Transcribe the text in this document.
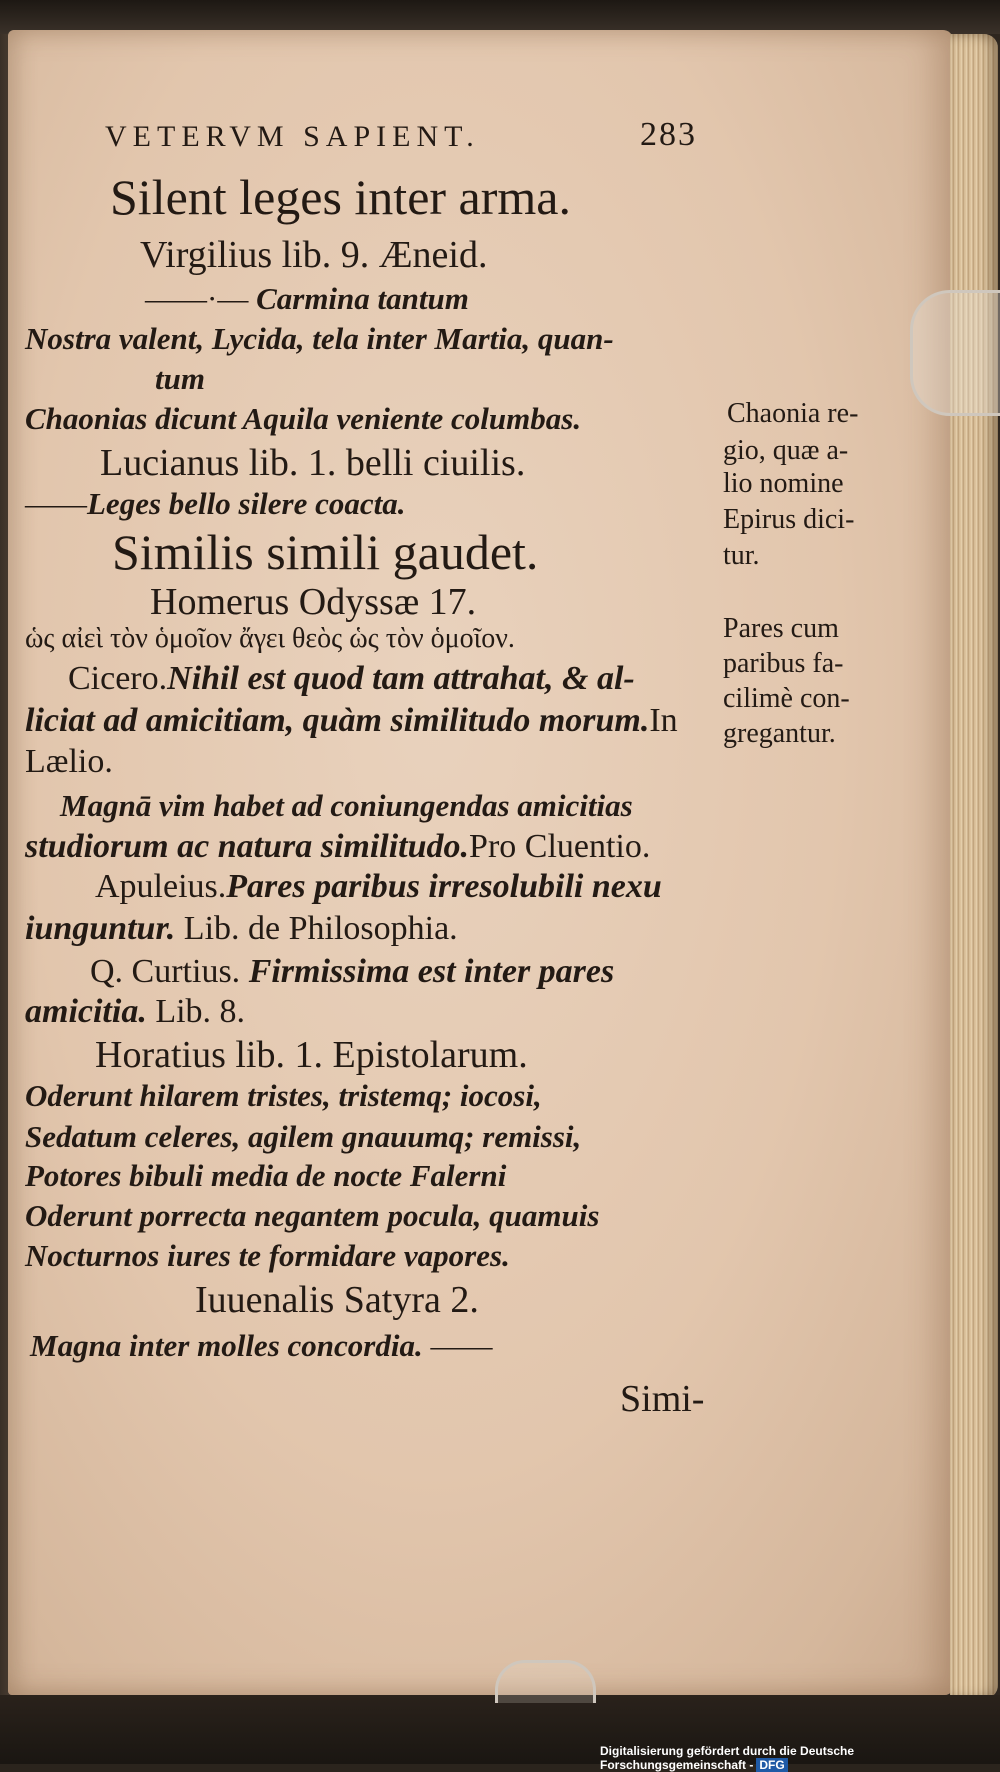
VETERVM SAPIENT.	283
Silent leges inter arma.
Virgilius lib. 9. Æneid.
——·— Carmina tantum
Nostra valent, Lycida, tela inter Martia, quan-
tum
Chaonias dicunt Aquila veniente columbas.
Lucianus lib. 1. belli ciuilis.
——Leges bello silere coacta.
Similis simili gaudet.
Homerus Odyssæ 17.
ὡς αἰεὶ τὸν ὁμοῖον ἄγει θεὸς ὡς τὸν ὁμοῖον.
Cicero.Nihil est quod tam attrahat, & al-
liciat ad amicitiam, quàm similitudo morum.In
Lælio.
Magnā vim habet ad coniungendas amicitias
studiorum ac natura similitudo.Pro Cluentio.
Apuleius.Pares paribus irresolubili nexu
iunguntur. Lib. de Philosophia.
Q. Curtius. Firmissima est inter pares
amicitia. Lib. 8.
Horatius lib. 1. Epistolarum.
Oderunt hilarem tristes, tristemq; iocosi,
Sedatum celeres, agilem gnauumq; remissi,
Potores bibuli media de nocte Falerni
Oderunt porrecta negantem pocula, quamuis
Nocturnos iures te formidare vapores.
Iuuenalis Satyra 2.
Magna inter molles concordia. ——
Simi-
Chaonia re-
gio, quæ a-
lio nomine
Epirus dici-
tur.
Pares cum
paribus fa-
cilimè con-
gregantur.
Digitalisierung gefördert durch die Deutsche Forschungsgemeinschaft - DFG
